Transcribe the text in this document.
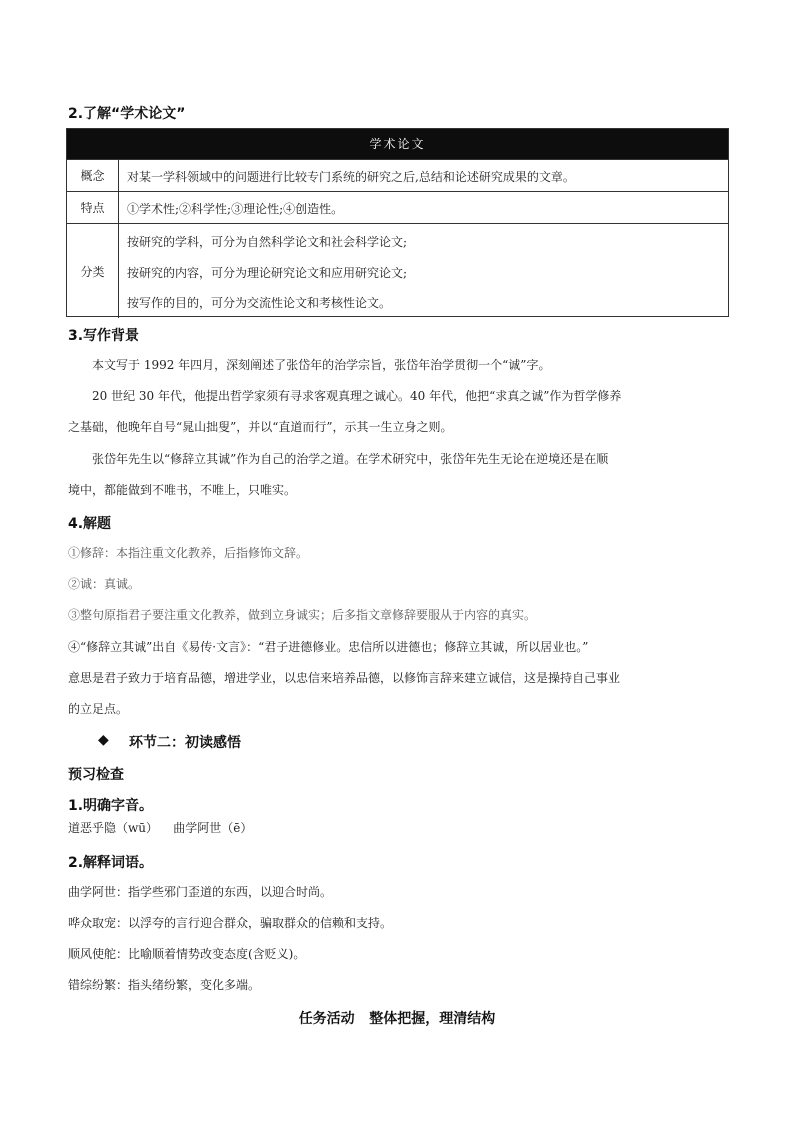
2.了解“学术论文”
学术论文
概念	对某一学科领域中的问题进行比较专门系统的研究之后,总结和论述研究成果的文章。
特点	①学术性;②科学性;③理论性;④创造性。
分类
按研究的学科，可分为自然科学论文和社会科学论文;
按研究的内容，可分为理论研究论文和应用研究论文;
按写作的目的，可分为交流性论文和考核性论文。
3.写作背景
本文写于 1992 年四月，深刻阐述了张岱年的治学宗旨，张岱年治学贯彻一个“诚”字。
20 世纪 30 年代，他提出哲学家须有寻求客观真理之诚心。40 年代，他把“求真之诚”作为哲学修养
之基础，他晚年自号“晁山拙叟”，并以“直道而行”，示其一生立身之则。
张岱年先生以“修辞立其诚”作为自己的治学之道。在学术研究中，张岱年先生无论在逆境还是在顺
境中，都能做到不唯书，不唯上，只唯实。
4.解题
①修辞：本指注重文化教养，后指修饰文辞。
②诚：真诚。
③整句原指君子要注重文化教养，做到立身诚实；后多指文章修辞要服从于内容的真实。
④“修辞立其诚”出自《易传·文言》：“君子进德修业。忠信所以进德也；修辞立其诚，所以居业也。”
意思是君子致力于培育品德，增进学业，以忠信来培养品德，以修饰言辞来建立诚信，这是操持自己事业
的立足点。
◆ 环节二：初读感悟
预习检查
1.明确字音。
道恶乎隐（wū）    曲学阿世（ē）
2.解释词语。
曲学阿世：指学些邪门歪道的东西，以迎合时尚。
哗众取宠：以浮夸的言行迎合群众，骗取群众的信赖和支持。
顺风使舵：比喻顺着情势改变态度(含贬义)。
错综纷繁：指头绪纷繁，变化多端。
任务活动   整体把握，理清结构
